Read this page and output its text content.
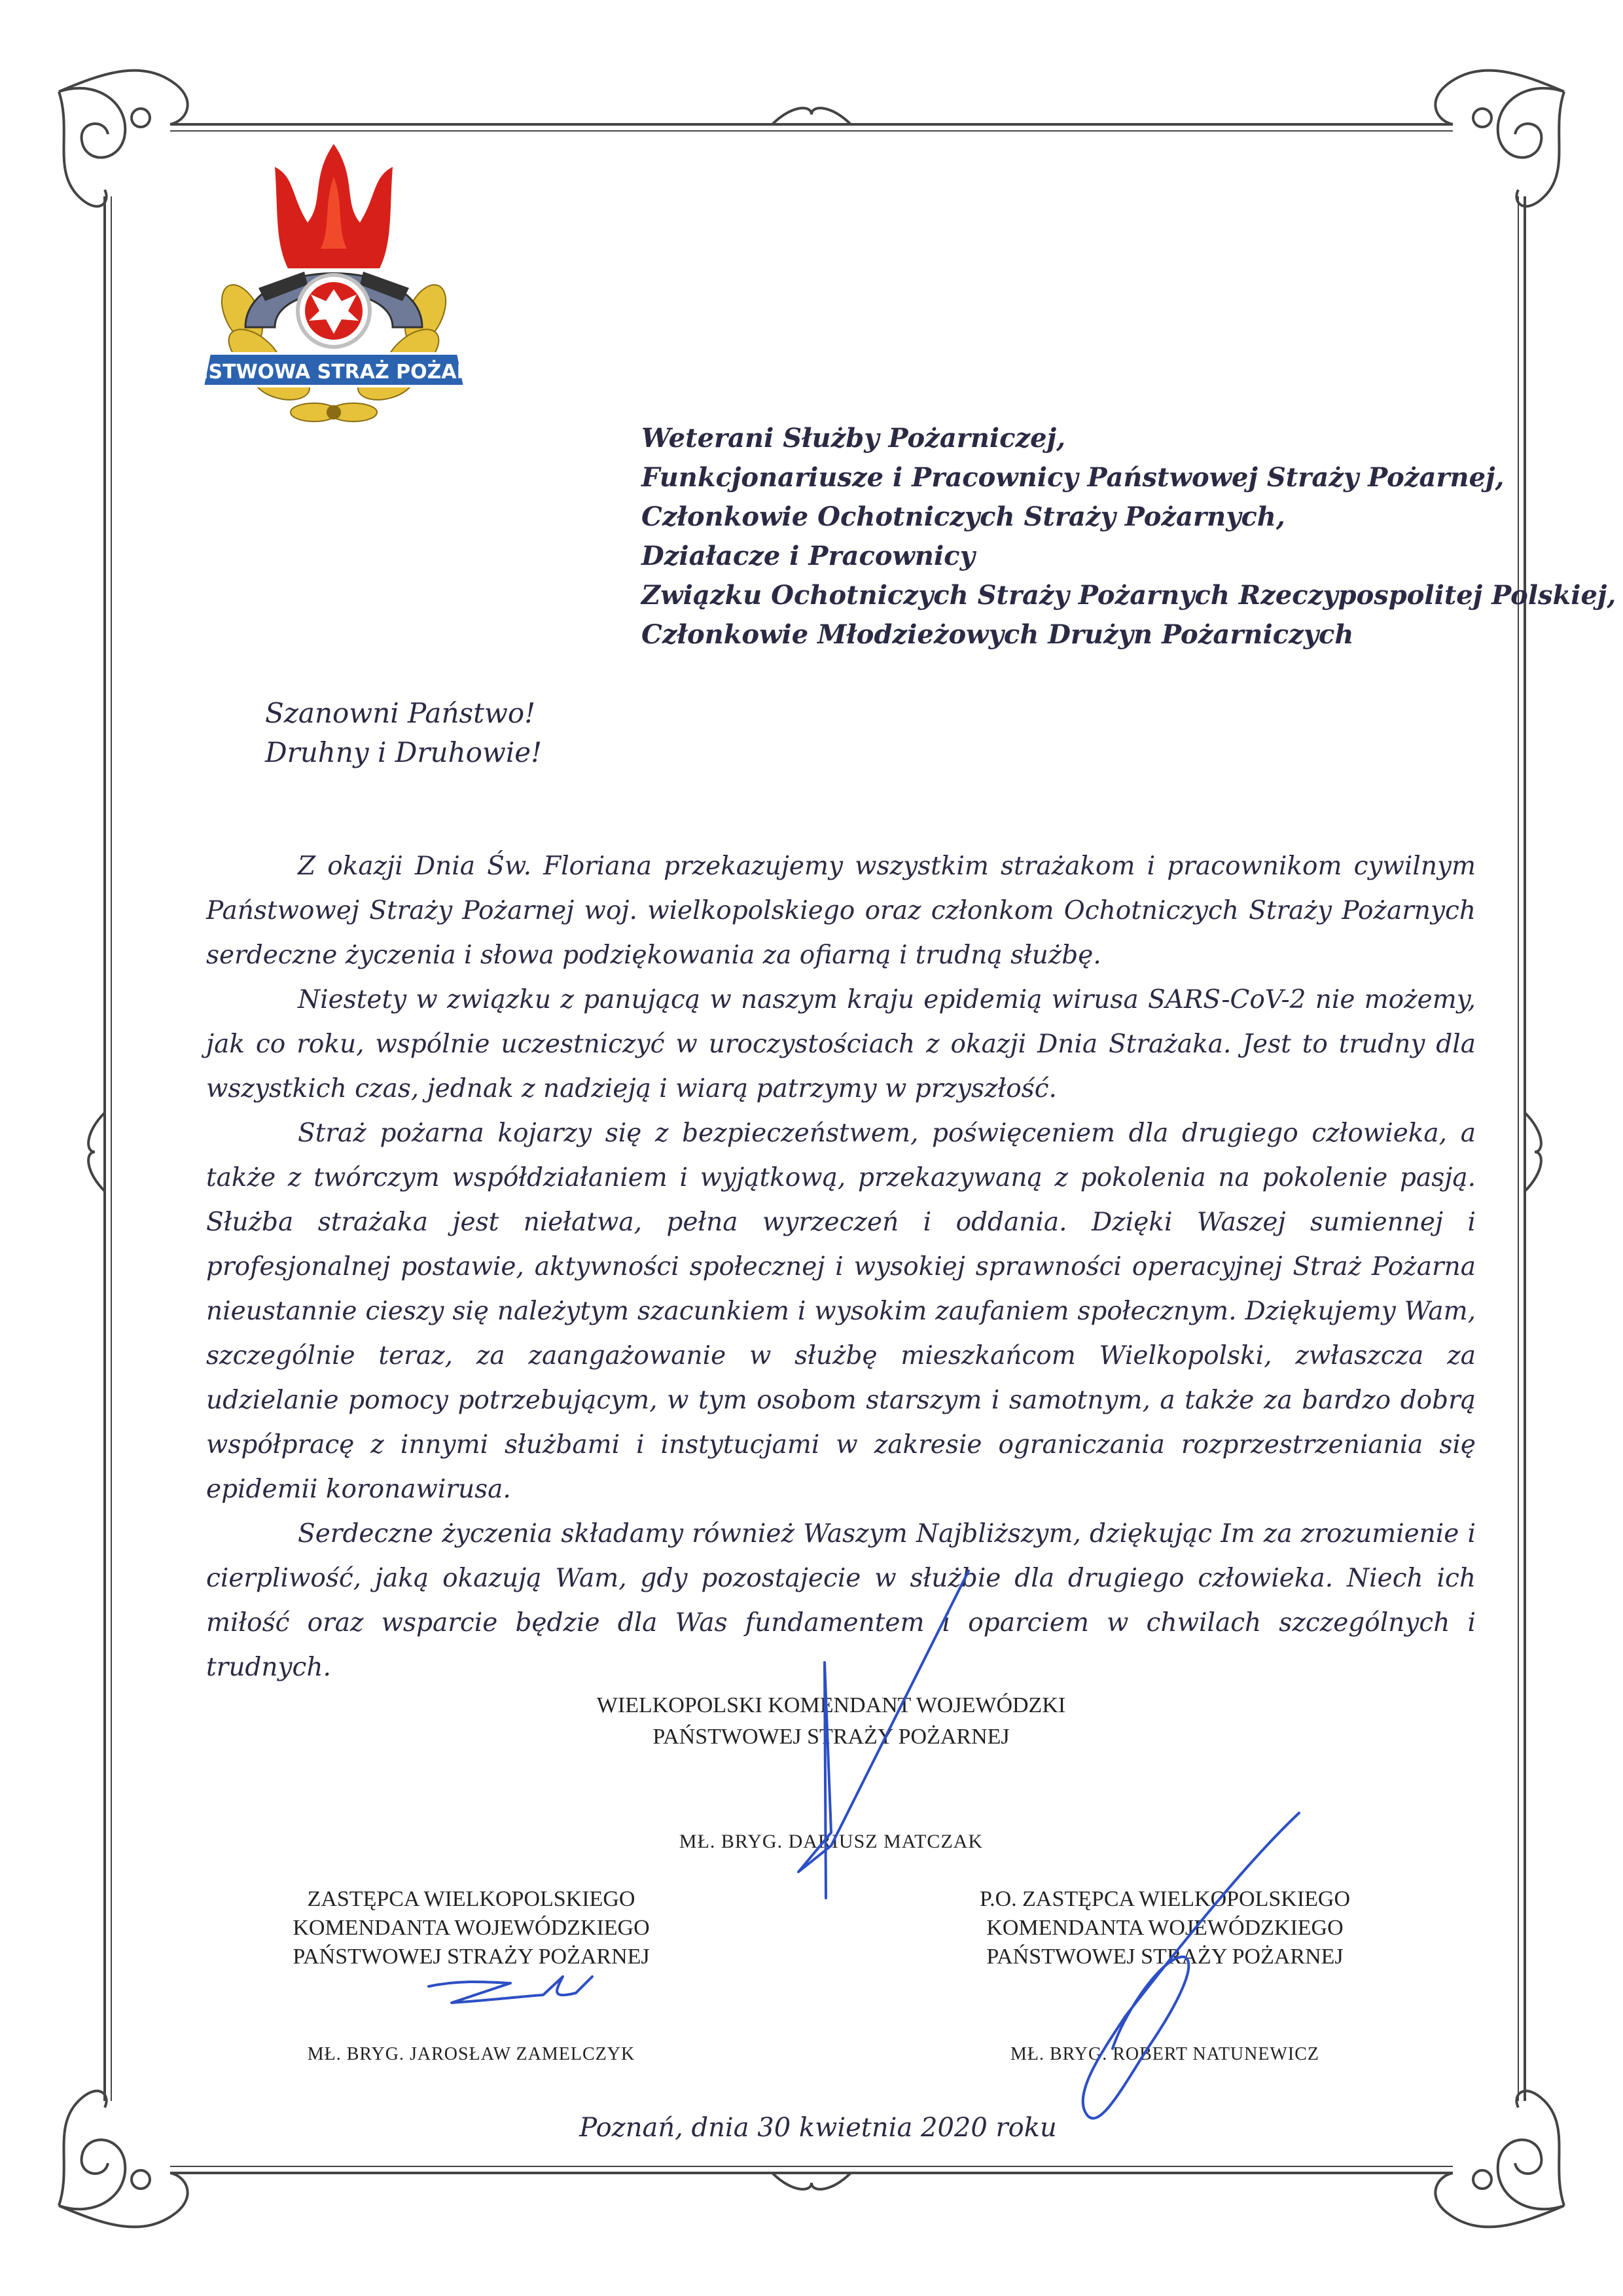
PAŃSTWOWA STRAŻ POŻARNA
Weterani Służby Pożarniczej,
Funkcjonariusze i Pracownicy Państwowej Straży Pożarnej,
Członkowie Ochotniczych Straży Pożarnych,
Działacze i Pracownicy
Związku Ochotniczych Straży Pożarnych Rzeczypospolitej Polskiej,
Członkowie Młodzieżowych Drużyn Pożarniczych
Szanowni Państwo!
Druhny i Druhowie!

Z okazji Dnia Św. Floriana przekazujemy wszystkim strażakom i pracownikom cywilnym Państwowej Straży Pożarnej woj. wielkopolskiego oraz członkom Ochotniczych Straży Pożarnych serdeczne życzenia i słowa podziękowania za ofiarną i trudną służbę.

Niestety w związku z panującą w naszym kraju epidemią wirusa SARS-CoV-2 nie możemy, jak co roku, wspólnie uczestniczyć w uroczystościach z okazji Dnia Strażaka. Jest to trudny dla wszystkich czas, jednak z nadzieją i wiarą patrzymy w przyszłość.

Straż pożarna kojarzy się z bezpieczeństwem, poświęceniem dla drugiego człowieka, a także z twórczym współdziałaniem i wyjątkową, przekazywaną z pokolenia na pokolenie pasją. Służba strażaka jest niełatwa, pełna wyrzeczeń i oddania. Dzięki Waszej sumiennej i profesjonalnej postawie, aktywności społecznej i wysokiej sprawności operacyjnej Straż Pożarna nieustannie cieszy się należytym szacunkiem i wysokim zaufaniem społecznym. Dziękujemy Wam, szczególnie teraz, za zaangażowanie w służbę mieszkańcom Wielkopolski, zwłaszcza za udzielanie pomocy potrzebującym, w tym osobom starszym i samotnym, a także za bardzo dobrą współpracę z innymi służbami i instytucjami w zakresie ograniczania rozprzestrzeniania się epidemii koronawirusa.

Serdeczne życzenia składamy również Waszym Najbliższym, dziękując Im za zrozumienie i cierpliwość, jaką okazują Wam, gdy pozostajecie w służbie dla drugiego człowieka. Niech ich miłość oraz wsparcie będzie dla Was fundamentem i oparciem w chwilach szczególnych i trudnych.

WIELKOPOLSKI KOMENDANT WOJEWÓDZKI
PAŃSTWOWEJ STRAŻY POŻARNEJ
MŁ. BRYG. DARIUSZ MATCZAK
ZASTĘPCA WIELKOPOLSKIEGO
KOMENDANTA WOJEWÓDZKIEGO
PAŃSTWOWEJ STRAŻY POŻARNEJ
MŁ. BRYG. JAROSŁAW ZAMELCZYK
P.O. ZASTĘPCA WIELKOPOLSKIEGO
KOMENDANTA WOJEWÓDZKIEGO
PAŃSTWOWEJ STRAŻY POŻARNEJ
MŁ. BRYG. ROBERT NATUNEWICZ
Poznań, dnia 30 kwietnia 2020 roku
